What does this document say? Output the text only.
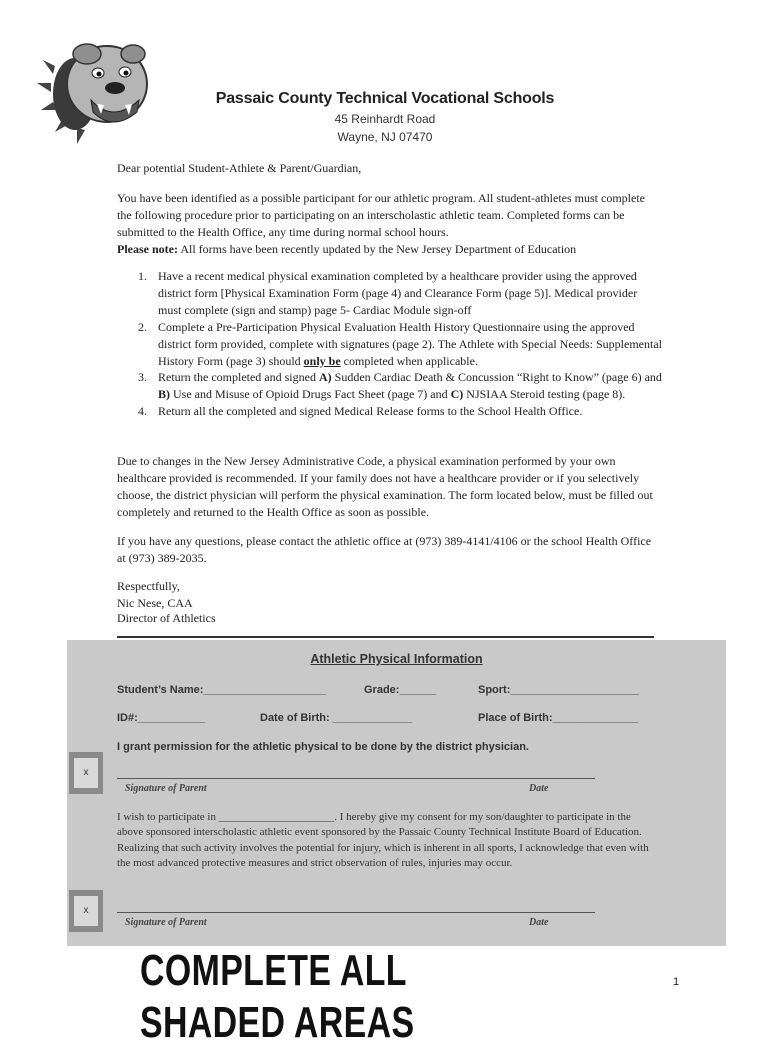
Passaic County Technical Vocational Schools
45 Reinhardt Road
Wayne, NJ 07470
Dear potential Student-Athlete & Parent/Guardian,
You have been identified as a possible participant for our athletic program. All student-athletes must complete the following procedure prior to participating on an interscholastic athletic team. Completed forms can be submitted to the Health Office, any time during normal school hours.
Please note: All forms have been recently updated by the New Jersey Department of Education
1. Have a recent medical physical examination completed by a healthcare provider using the approved district form [Physical Examination Form (page 4) and Clearance Form (page 5)]. Medical provider must complete (sign and stamp) page 5- Cardiac Module sign-off
2. Complete a Pre-Participation Physical Evaluation Health History Questionnaire using the approved district form provided, complete with signatures (page 2). The Athlete with Special Needs: Supplemental History Form (page 3) should only be completed when applicable.
3. Return the completed and signed A) Sudden Cardiac Death & Concussion “Right to Know” (page 6) and B) Use and Misuse of Opioid Drugs Fact Sheet (page 7) and C) NJSIAA Steroid testing (page 8).
4. Return all the completed and signed Medical Release forms to the School Health Office.
Due to changes in the New Jersey Administrative Code, a physical examination performed by your own healthcare provided is recommended. If your family does not have a healthcare provider or if you selectively choose, the district physician will perform the physical examination. The form located below, must be filled out completely and returned to the Health Office as soon as possible.
If you have any questions, please contact the athletic office at (973) 389-4141/4106 or the school Health Office at (973) 389-2035.
Respectfully,
Nic Nese, CAA
Director of Athletics
Athletic Physical Information
Student’s Name:____________________	Grade:______	Sport:_____________________
ID#:___________	Date of Birth: _____________	Place of Birth:______________
I grant permission for the athletic physical to be done by the district physician.
x
Signature of Parent	Date
I wish to participate in _____________________. I hereby give my consent for my son/daughter to participate in the above sponsored interscholastic athletic event sponsored by the Passaic County Technical Institute Board of Education. Realizing that such activity involves the potential for injury, which is inherent in all sports, I acknowledge that even with the most advanced protective measures and strict observation of rules, injuries may occur.
x
Signature of Parent	Date
COMPLETE ALL SHADED AREAS
1
